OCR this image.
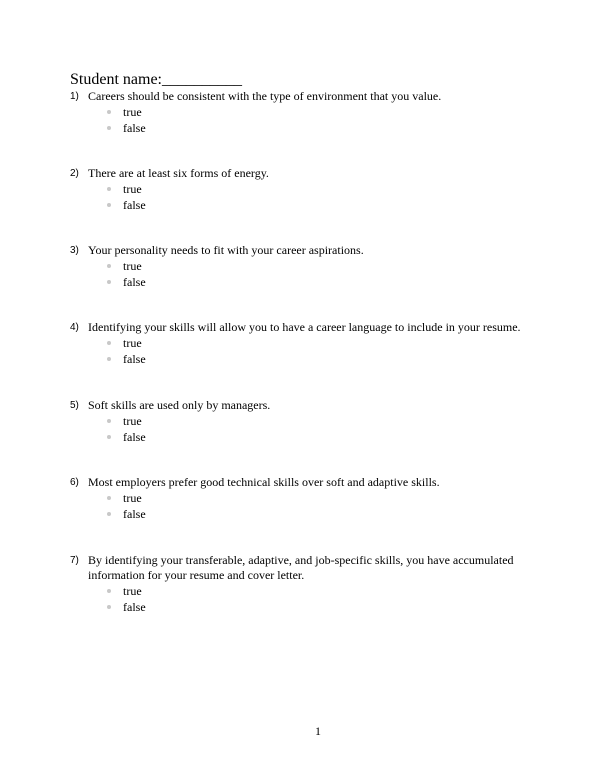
Student name:__________
1) Careers should be consistent with the type of environment that you value.
true
false
2) There are at least six forms of energy.
true
false
3) Your personality needs to fit with your career aspirations.
true
false
4) Identifying your skills will allow you to have a career language to include in your resume.
true
false
5) Soft skills are used only by managers.
true
false
6) Most employers prefer good technical skills over soft and adaptive skills.
true
false
7) By identifying your transferable, adaptive, and job-specific skills, you have accumulated information for your resume and cover letter.
true
false
1
